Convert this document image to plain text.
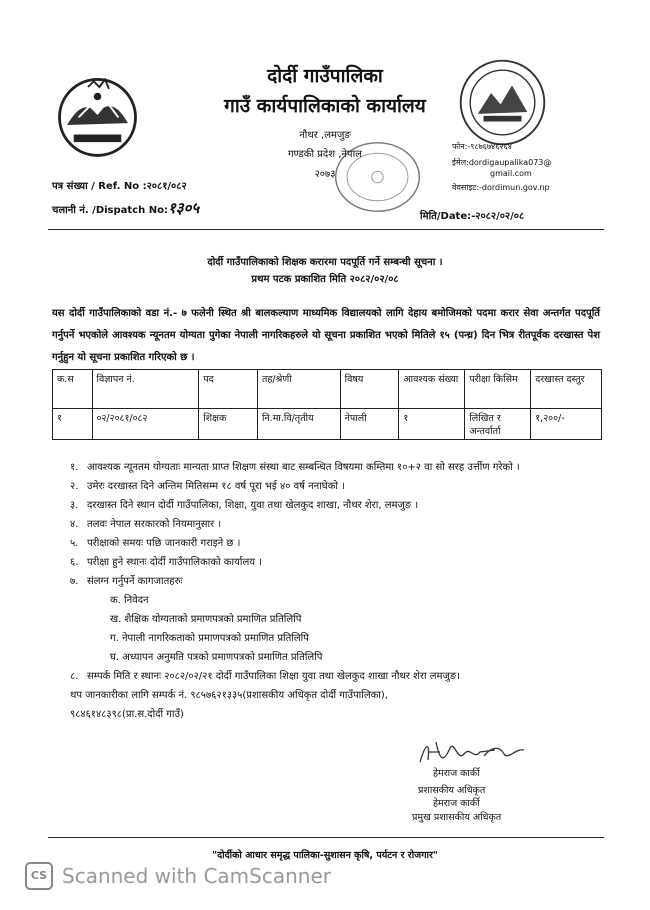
दोर्दी गाउँपालिका
गाउँ कार्यपालिकाको कार्यालय
नौथर ,लमजुङ
गण्डकी प्रदेश ,नेपाल
२०७३
फोन:-९८७६७४६२६४
ईमेल:dordigaupalika073@
gmail.com
वेवसाइट:-dordimun.gov.np
पत्र संख्या / Ref. No :२०८१/०८२
चलानी नं. /Dispatch No:१३०५	मिति/Date:-२०८२/०२/०८
दोर्दी गाउँपालिकाको शिक्षक करारमा पदपूर्ति गर्ने सम्बन्धी सूचना ।
प्रथम पटक प्रकाशित मिति २०८२/०२/०८
यस दोर्दी गाउँपालिकाको वडा नं.- ७ फलेनी स्थित श्री बालकल्याण माध्यमिक विद्यालयको लागि देहाय बमोजिमको पदमा करार सेवा अन्तर्गत पदपूर्ति गर्नुपर्ने भएकोले आवश्यक न्यूनतम योग्यता पुगेका नेपाली नागरिकहरुले यो सूचना प्रकाशित भएको मितिले १५ (पन्ध्र) दिन भित्र रीतपूर्वक दरखास्त पेश गर्नुहुन यो सूचना प्रकाशित गरिएको छ ।
क.स	विज्ञापन नं.	पद	तह/श्रेणी	विषय	आवश्यक संख्या	परीक्षा किसिम	दरखास्त दस्तुर
१	०२/२०८१/०८२	शिक्षक	नि.मा.वि/तृतीय	नेपाली	१	लिखित र अन्तर्वार्ता	१,२००/-
१. आवश्यक न्यूनतम योग्यताः मान्यता प्राप्त शिक्षण संस्था बाट सम्बन्धित विषयमा कम्तिमा १०+२ वा सो सरह उर्त्तीण गरेको ।
२. उमेरः दरखास्त दिने अन्तिम मितिसम्म १८ वर्ष पूरा भई ४० वर्ष ननाघेको ।
३. दरखास्त दिने स्थान दोर्दी गाउँपालिका, शिक्षा, युवा तथा खेलकुद शाखा, नौथर शेरा, लमजुङ ।
४. तलवः नेपाल सरकारको नियमानुसार ।
५. परीक्षाको समयः पछि जानकारी गराइने छ ।
६. परीक्षा हुने स्थानः दोर्दी गाउँपालिकाको कार्यालय ।
७. संलग्न गर्नुपर्ने कागजातहरुः
क. निवेदन
ख. शैक्षिक योग्यताको प्रमाणपत्रको प्रमाणित प्रतिलिपि
ग. नेपाली नागरिकताको प्रमाणपत्रको प्रमाणित प्रतिलिपि
घ. अध्यापन अनुमति पत्रको प्रमाणपत्रको प्रमाणित प्रतिलिपि
८. सम्पर्क मिति र स्थानः २०८२/०२/२१ दोर्दी गाउँपालिका शिक्षा युवा तथा खेलकुद शाखा नौथर शेरा लमजुङ।
थप जानकारीका लागि सम्पर्क नं. ९८५७६२१३३५(प्रशासकीय अधिकृत दोर्दी गाउँपालिका),
९८४६१४८३९८(प्रा.स.दोर्दी गाउँ)
हेमराज कार्की
प्रशासकीय अधिकृत
हेमराज कार्की
प्रमुख प्रशासकीय अधिकृत
"दोर्दीको आधार समृद्ध पालिका-सुशासन कृषि, पर्यटन र रोजगार"
CS Scanned with CamScanner
